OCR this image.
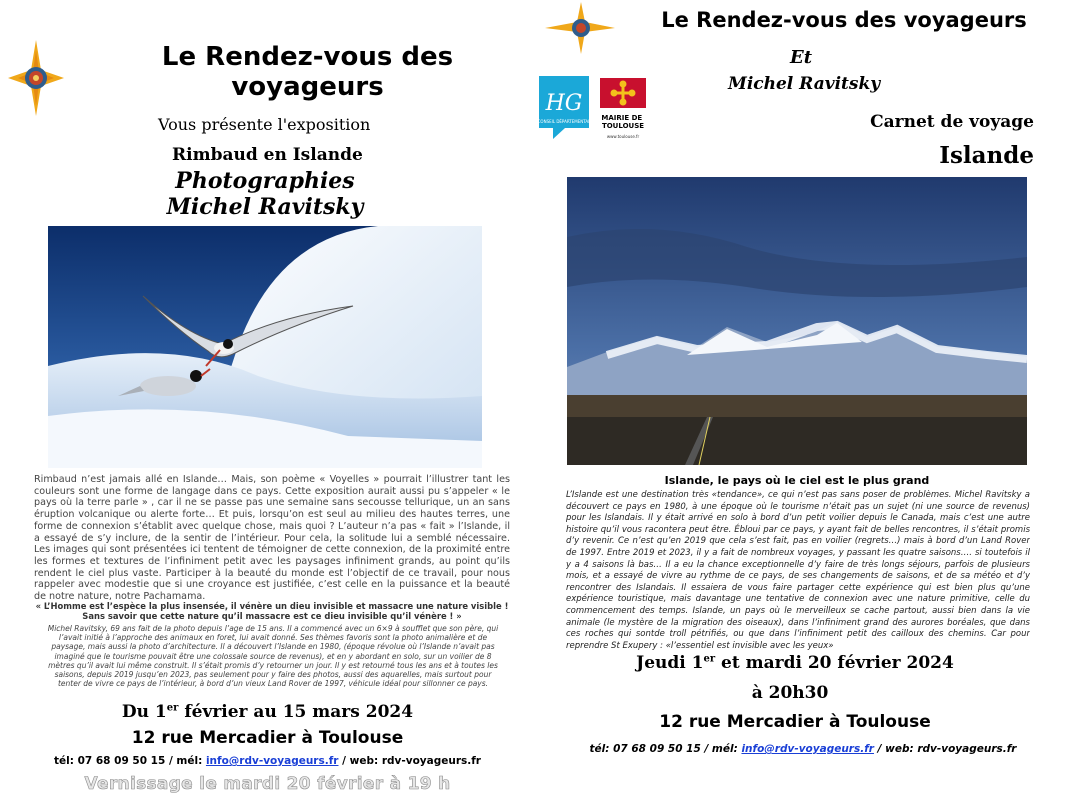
Le Rendez-vous des voyageurs
Vous présente l'exposition
Rimbaud en Islande
Photographies
Michel Ravitsky
Rimbaud n’est jamais allé en Islande… Mais, son poème « Voyelles » pourrait l’illustrer tant les couleurs sont une forme de langage dans ce pays. Cette exposition aurait aussi pu s’appeler « le pays où la terre parle » , car il ne se passe pas une semaine sans secousse tellurique, un an sans éruption volcanique ou alerte forte… Et puis, lorsqu’on est seul au milieu des hautes terres, une forme de connexion s’établit avec quelque chose, mais quoi ? L’auteur n’a pas « fait » l’Islande, il a essayé de s’y inclure, de la sentir de l’intérieur. Pour cela, la solitude lui a semblé nécessaire. Les images qui sont présentées ici tentent de témoigner de cette connexion, de la proximité entre les formes et textures de l’infiniment petit avec les paysages infiniment grands, au point qu’ils rendent le ciel plus vaste. Participer à la beauté du monde est l’objectif de ce travail, pour nous rappeler avec modestie que si une croyance est justifiée, c’est celle en la puissance et la beauté de notre nature, notre Pachamama.
« L’Homme est l’espèce la plus insensée, il vénère un dieu invisible et massacre une nature visible ! Sans savoir que cette nature qu’il massacre est ce dieu invisible qu’il vénère ! »
Michel Ravitsky, 69 ans fait de la photo depuis l’age de 15 ans. Il a commencé avec un 6×9 à soufflet que son père, qui l’avait initié à l’approche des animaux en foret, lui avait donné. Ses thèmes favoris sont la photo animalière et de paysage, mais aussi la photo d’architecture. Il a découvert l’Islande en 1980, (époque révolue où l’Islande n’avait pas imaginé que le tourisme pouvait être une colossale source de revenus), et en y abordant en solo, sur un voilier de 8 mètres qu’il avait lui même construit. Il s’était promis d’y retourner un jour. Il y est retourné tous les ans et à toutes les saisons, depuis 2019 jusqu’en 2023, pas seulement pour y faire des photos, aussi des aquarelles, mais surtout pour tenter de vivre ce pays de l’intérieur, à bord d’un vieux Land Rover de 1997, véhicule idéal pour sillonner ce pays.
Du 1er février au 15 mars 2024
12 rue Mercadier à Toulouse
tél: 07 68 09 50 15 / mél: info@rdv-voyageurs.fr / web: rdv-voyageurs.fr
Vernissage le mardi 20 février à 19 h
Le Rendez-vous des voyageurs
Et
Michel Ravitsky
HG
CONSEIL DÉPARTEMENTAL MAIRIE DE TOULOUSE
www.toulouse.fr
Carnet de voyage
Islande
Islande, le pays où le ciel est le plus grand
L’Islande est une destination très «tendance», ce qui n’est pas sans poser de problèmes. Michel Ravitsky a découvert ce pays en 1980, à une époque où le tourisme n’était pas un sujet (ni une source de revenus) pour les Islandais. Il y était arrivé en solo à bord d’un petit voilier depuis le Canada, mais c’est une autre histoire qu’il vous racontera peut être. Ébloui par ce pays, y ayant fait de belles rencontres, il s’était promis d’y revenir. Ce n’est qu’en 2019 que cela s’est fait, pas en voilier (regrets…) mais à bord d’un Land Rover de 1997. Entre 2019 et 2023, il y a fait de nombreux voyages, y passant les quatre saisons…. si toutefois il y a 4 saisons là bas… Il a eu la chance exceptionnelle d’y faire de très longs séjours, parfois de plusieurs mois, et a essayé de vivre au rythme de ce pays, de ses changements de saisons, et de sa météo et d’y rencontrer des Islandais. Il essaiera de vous faire partager cette expérience qui est bien plus qu’une expérience touristique, mais davantage une tentative de connexion avec une nature primitive, celle du commencement des temps. Islande, un pays où le merveilleux se cache partout, aussi bien dans la vie animale (le mystère de la migration des oiseaux), dans l’infiniment grand des aurores boréales, que dans ces roches qui sontde troll pétrifiés, ou que dans l’infiniment petit des cailloux des chemins. Car pour reprendre St Exupery : «l’essentiel est invisible avec les yeux»
Jeudi 1er et mardi 20 février 2024
à 20h30
12 rue Mercadier à Toulouse
tél: 07 68 09 50 15 / mél: info@rdv-voyageurs.fr / web: rdv-voyageurs.fr
